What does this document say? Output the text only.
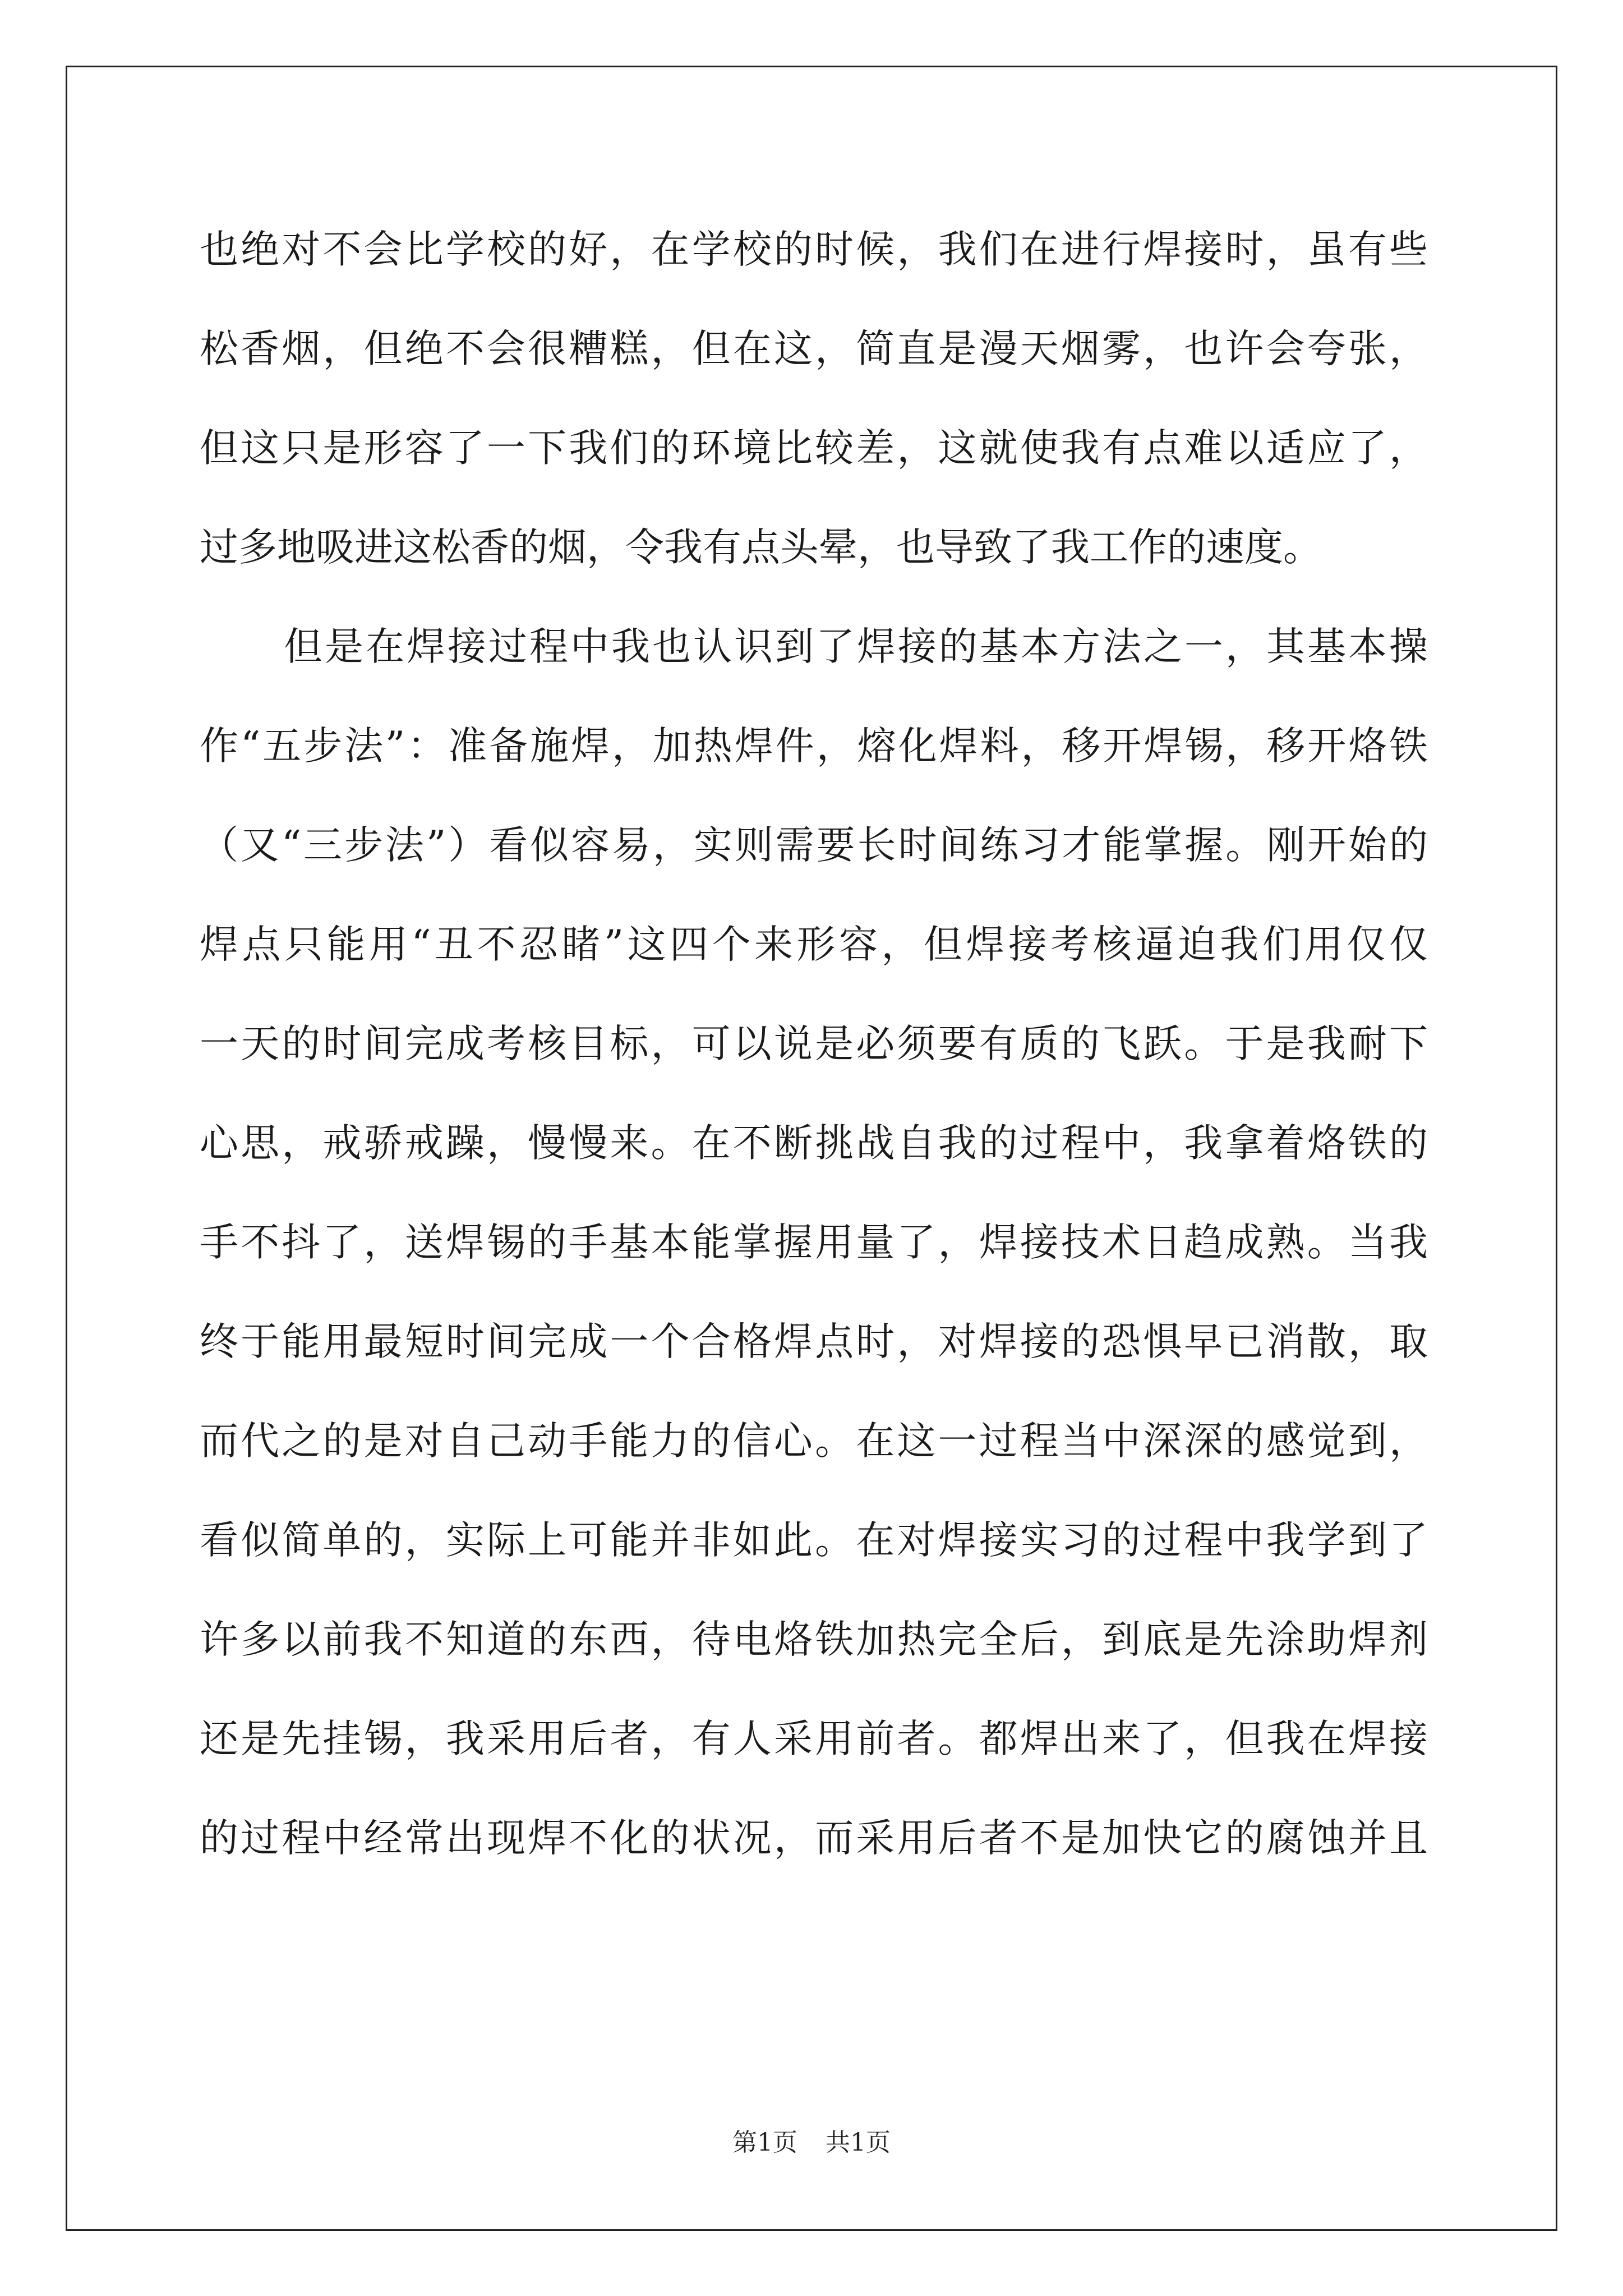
也绝对不会比学校的好，在学校的时候，我们在进行焊接时，虽有些
松香烟，但绝不会很糟糕，但在这，简直是漫天烟雾，也许会夸张，
但这只是形容了一下我们的环境比较差，这就使我有点难以适应了，
过多地吸进这松香的烟，令我有点头晕，也导致了我工作的速度。
但是在焊接过程中我也认识到了焊接的基本方法之一，其基本操
作“五步法”：准备施焊，加热焊件，熔化焊料，移开焊锡，移开烙铁
（又“三步法”）看似容易，实则需要长时间练习才能掌握。刚开始的
焊点只能用“丑不忍睹”这四个来形容，但焊接考核逼迫我们用仅仅
一天的时间完成考核目标，可以说是必须要有质的飞跃。于是我耐下
心思，戒骄戒躁，慢慢来。在不断挑战自我的过程中，我拿着烙铁的
手不抖了，送焊锡的手基本能掌握用量了，焊接技术日趋成熟。当我
终于能用最短时间完成一个合格焊点时，对焊接的恐惧早已消散，取
而代之的是对自己动手能力的信心。在这一过程当中深深的感觉到，
看似简单的，实际上可能并非如此。在对焊接实习的过程中我学到了
许多以前我不知道的东西，待电烙铁加热完全后，到底是先涂助焊剂
还是先挂锡，我采用后者，有人采用前者。都焊出来了，但我在焊接
的过程中经常出现焊不化的状况，而采用后者不是加快它的腐蚀并且
第1页 共1页
